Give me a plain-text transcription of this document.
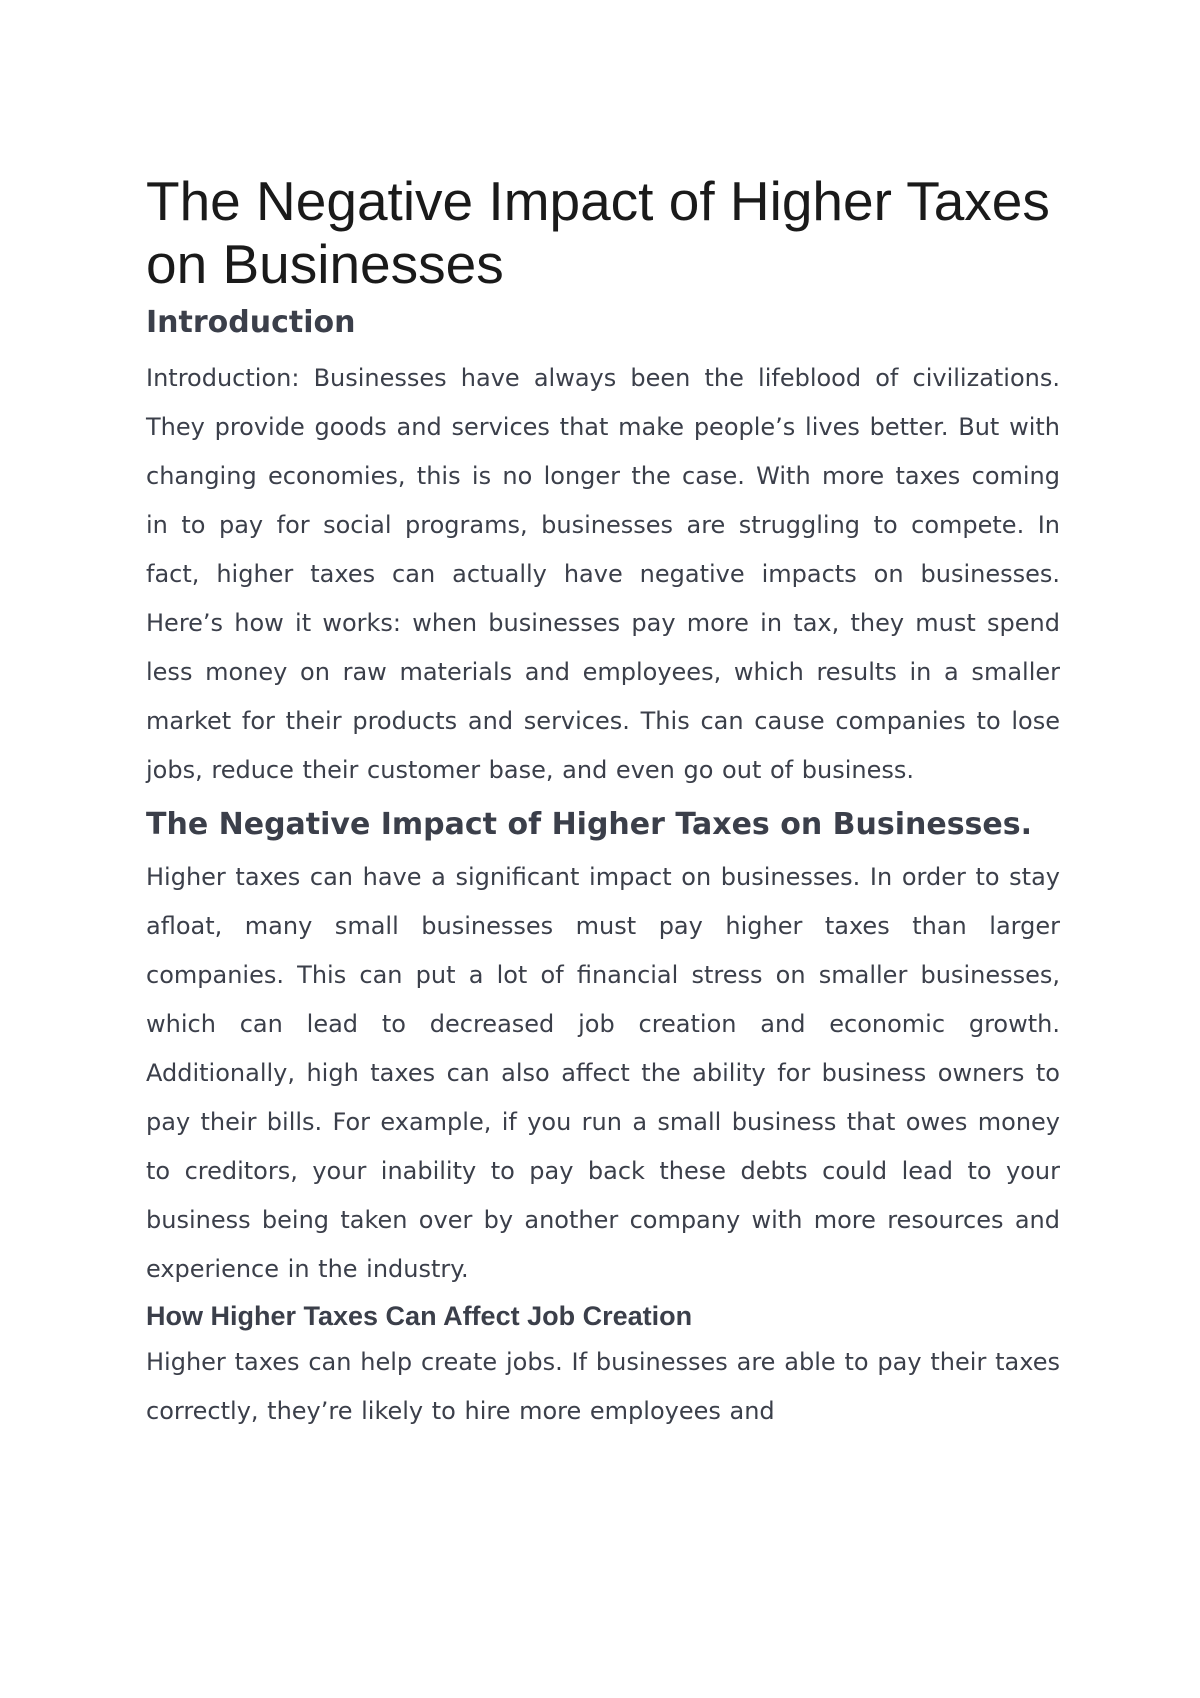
The Negative Impact of Higher Taxes on Businesses
Introduction

Introduction: Businesses have always been the lifeblood of civilizations. They provide goods and services that make people’s lives better. But with changing economies, this is no longer the case. With more taxes coming in to pay for social programs, businesses are struggling to compete. In fact, higher taxes can actually have negative impacts on businesses. Here’s how it works: when businesses pay more in tax, they must spend less money on raw materials and employees, which results in a smaller market for their products and services. This can cause companies to lose jobs, reduce their customer base, and even go out of business.

The Negative Impact of Higher Taxes on Businesses.

Higher taxes can have a significant impact on businesses. In order to stay afloat, many small businesses must pay higher taxes than larger companies. This can put a lot of financial stress on smaller businesses, which can lead to decreased job creation and economic growth. Additionally, high taxes can also affect the ability for business owners to pay their bills. For example, if you run a small business that owes money to creditors, your inability to pay back these debts could lead to your business being taken over by another company with more resources and experience in the industry.

How Higher Taxes Can Affect Job Creation

Higher taxes can help create jobs. If businesses are able to pay their taxes correctly, they’re likely to hire more employees and
